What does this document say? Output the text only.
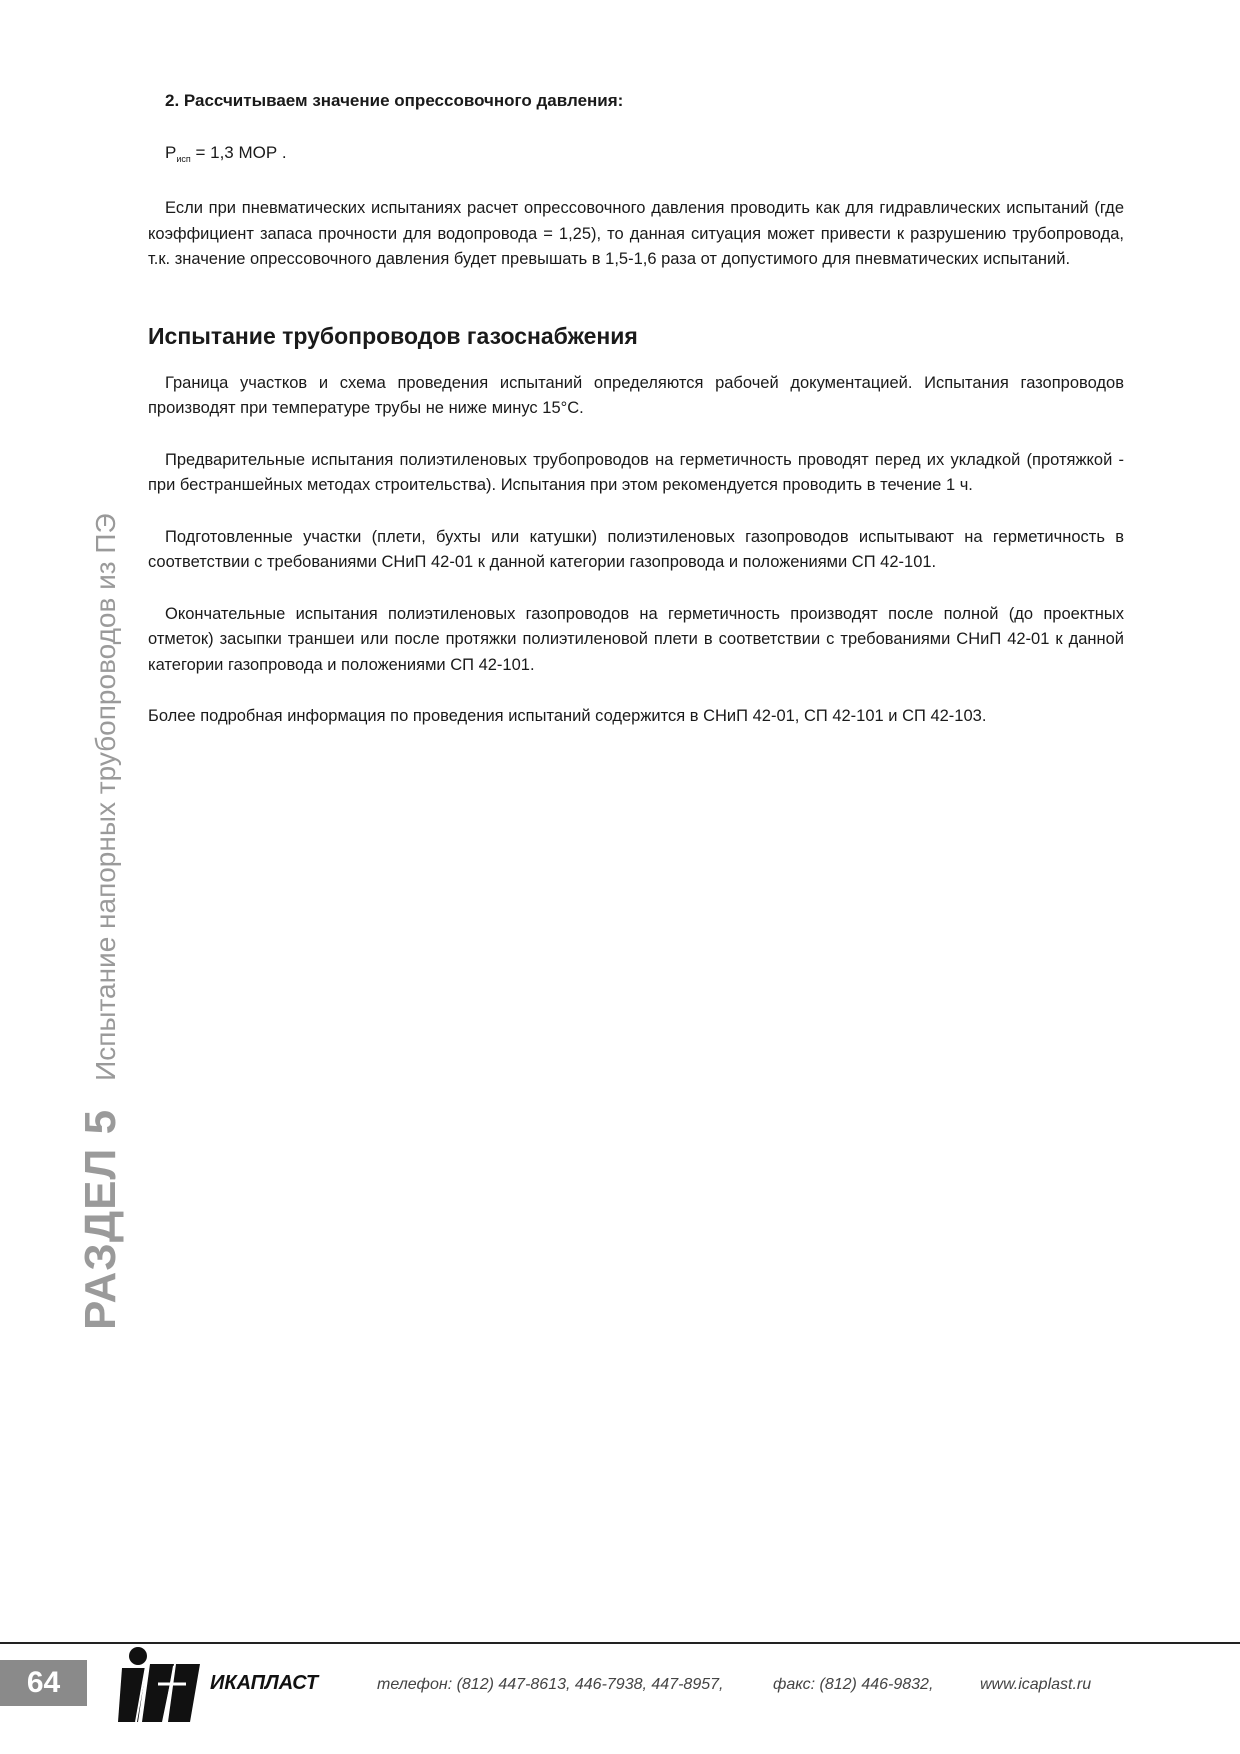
2. Рассчитываем значение опрессовочного давления:
$P_{исп} = 1,3$ МОР .

Если при пневматических испытаниях расчет опрессовочного давления проводить как для гидравлических испытаний (где коэффициент запаса прочности для водопровода = 1,25), то данная ситуация может привести к разрушению трубопровода, т.к. значение опрессовочного давления будет превышать в 1,5-1,6 раза от допустимого для пневматических испытаний.

Испытание трубопроводов газоснабжения

Граница участков и схема проведения испытаний определяются рабочей документацией. Испытания газопроводов производят при температуре трубы не ниже минус 15°C.

Предварительные испытания полиэтиленовых трубопроводов на герметичность проводят перед их укладкой (протяжкой - при бестраншейных методах строительства). Испытания при этом рекомендуется проводить в течение 1 ч.

Подготовленные участки (плети, бухты или катушки) полиэтиленовых газопроводов испытывают на герметичность в соответствии с требованиями СНиП 42-01 к данной категории газопровода и положениями СП 42-101.

Окончательные испытания полиэтиленовых газопроводов на герметичность производят после полной (до проектных отметок) засыпки траншеи или после протяжки полиэтиленовой плети в соответствии с требованиями СНиП 42-01 к данной категории газопровода и положениями СП 42-101.

Более подробная информация по проведения испытаний содержится в СНиП 42-01, СП 42-101 и СП 42-103.

РАЗДЕЛ 5Испытание напорных трубопроводов из ПЭ
64	ИКАПЛАСТ	телефон: (812) 447-8613, 446-7938, 447-8957,	факс: (812) 446-9832,	www.icaplast.ru
